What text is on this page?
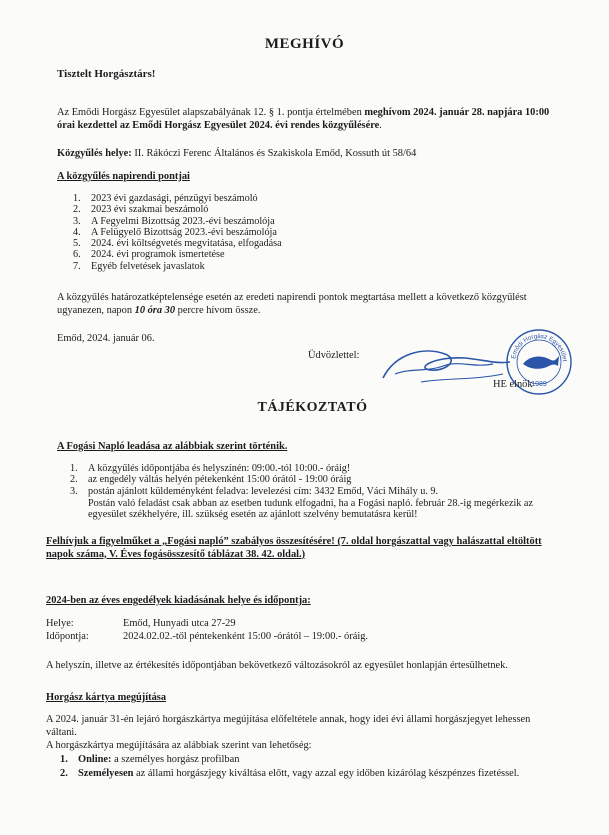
MEGHÍVÓ

Tisztelt Horgásztárs!

Az Emődi Horgász Egyesület alapszabályának 12. § 1. pontja értelmében meghívom 2024. január 28. napjára 10:00
órai kezdettel az Emődi Horgász Egyesület 2024. évi rendes közgyűlésére.

Közgyűlés helye: II. Rákóczi Ferenc Általános és Szakiskola Emőd, Kossuth út 58/64

A közgyűlés napirendi pontjai

1. 2023 évi gazdasági, pénzügyi beszámoló
2. 2023 évi szakmai beszámoló
3. A Fegyelmi Bizottság 2023.-évi beszámolója
4. A Felügyelő Bizottság 2023.-évi beszámolója
5. 2024. évi költségvetés megvitatása, elfogadása
6. 2024. évi programok ismertetése
7. Egyéb felvetések javaslatok

A közgyűlés határozatképtelensége esetén az eredeti napirendi pontok megtartása mellett a következő közgyűlést
ugyanezen, napon 10 óra 30 percre hívom össze.

Emőd, 2024. január 06.

Üdvözlettel:	Emődi Horgász Egyesület
1989

HE elnök

TÁJÉKOZTATÓ

A Fogási Napló leadása az alábbiak szerint történik.

1. A közgyűlés időpontjába és helyszínén: 09:00.-tól 10:00.- óráig!
2. az engedély váltás helyén pétekenként 15:00 órától - 19:00 óráig
3. postán ajánlott küldeményként feladva: levelezési cím: 3432 Emőd, Váci Mihály u. 9.

Postán való feladást csak abban az esetben tudunk elfogadni, ha a Fogási napló. február 28.-ig megérkezik az
egyesület székhelyére, ill. szükség esetén az ajánlott szelvény bemutatásra kerül!

Felhívjuk a figyelműket a „Fogási napló” szabályos összesítésére! (7. oldal horgászattal vagy halászattal eltöltött
napok száma, V. Éves fogásösszesítő táblázat 38. 42. oldal.)

2024-ben az éves engedélyek kiadásának helye és időpontja:

Helye:	Emőd, Hunyadi utca 27-29

Időpontja:	2024.02.02.-től péntekenként 15:00 -órától – 19:00.- óráig.

A helyszín, illetve az értékesítés időpontjában bekövetkező változásokról az egyesület honlapján értesülhetnek.

Horgász kártya megújítása

A 2024. január 31-én lejáró horgászkártya megújítása előfeltétele annak, hogy idei évi állami horgászjegyet lehessen
váltani.
A horgászkártya megújítására az alábbiak szerint van lehetőség:

1. Online: a személyes horgász profilban
2. Személyesen az állami horgászjegy kiváltása előtt, vagy azzal egy időben kizárólag készpénzes fizetéssel.
